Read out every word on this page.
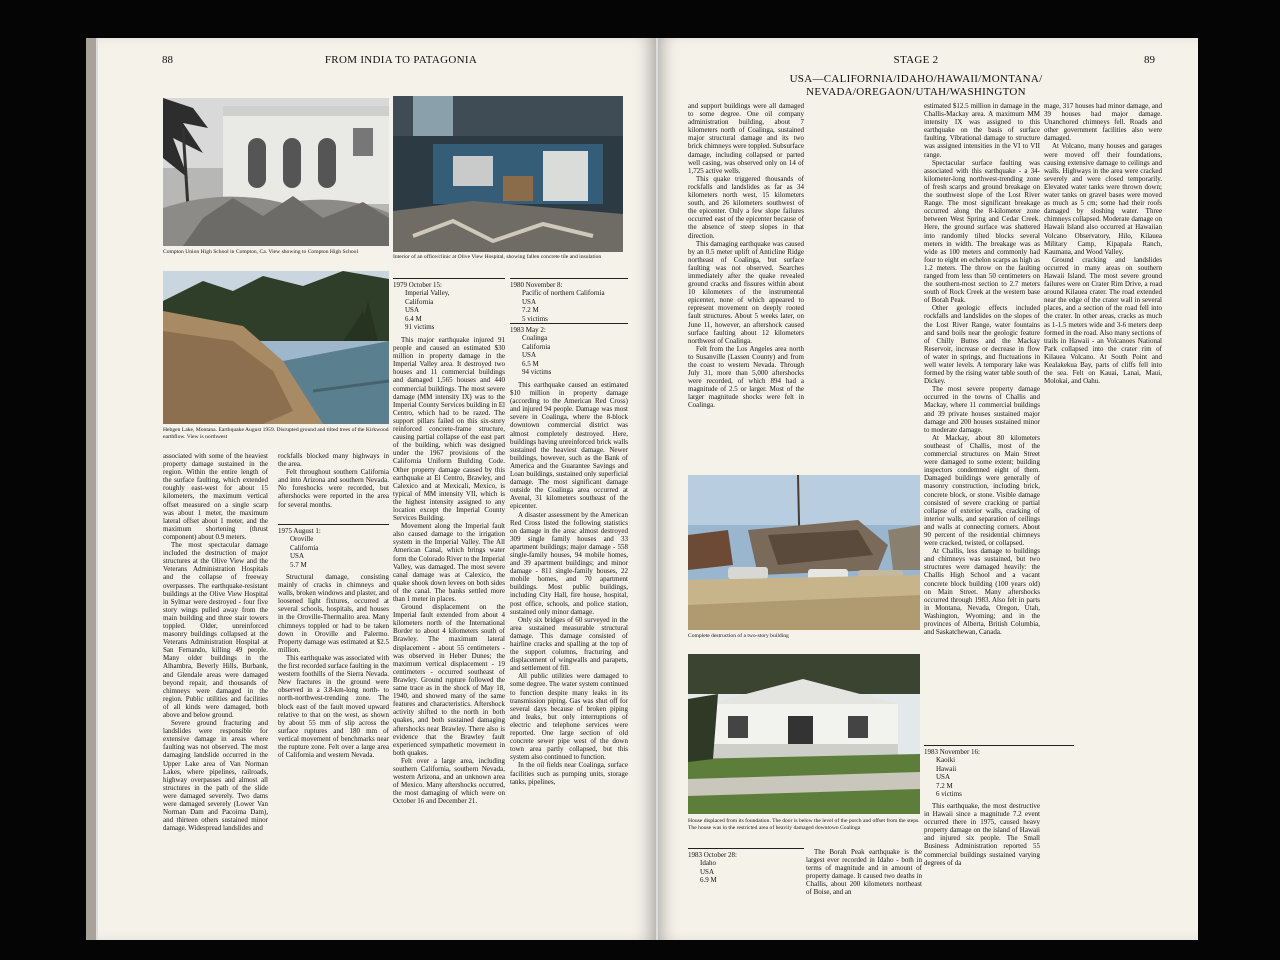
88	FROM INDIA TO PATAGONIA
Compton Union High School in Compton, Ca. View showing to Compton High School
Interior of an office/clinic at Olive View Hospital, showing fallen concrete tile and insulation
Hebgen Lake, Montana. Earthquake August 1959. Disrupted ground and tilted trees of the Kirkwood earthflow. View is northwest

associated with some of the heaviest property damage sustained in the region. Within the entire length of the surface faulting, which extended roughly east-west for about 15 kilometers, the maximum vertical offset measured on a single scarp was about 1 meter, the maximum lateral offset about 1 meter, and the maximum shortening (thrust component) about 0.9 meters.

The most spectacular damage included the destruction of major structures at the Olive View and the Veterans Administration Hospitals and the collapse of freeway overpasses. The earthquake-resistant buildings at the Olive View Hospital in Sylmar were destroyed - four five story wings pulled away from the main building and three stair towers toppled. Older, unreinforced masonry buildings collapsed at the Veterans Administration Hospital at San Fernando, killing 49 people. Many older buildings in the Alhambra, Beverly Hills, Burbank, and Glendale areas were damaged beyond repair, and thousands of chimneys were damaged in the region. Public utilities and facilities of all kinds were damaged, both above and below ground.

Severe ground fracturing and landslides were responsible for extensive damage in areas where faulting was not observed. The most damaging landslide occurred in the Upper Lake area of Van Norman Lakes, where pipelines, railroads, highway overpasses and almost all structures in the path of the slide were damaged severely. Two dams were damaged severely (Lower Van Norman Dam and Pacoima Dam), and thirteen others sustained minor damage. Widespread landslides and

rockfalls blocked many highways in the area.

Felt throughout southern California and into Arizona and southern Nevada. No foreshocks were recorded, but aftershocks were reported in the area for several months.

1975 August 1:
Oroville
California
USA
5.7 M

Structural damage, consisting mainly of cracks in chimneys and walls, broken windows and plaster, and loosened light fixtures, occurred at several schools, hospitals, and houses in the Oroville-Thermalito area. Many chimneys toppled or had to be taken down in Oroville and Palermo. Property damage was estimated at $2.5 million.

This earthquake was associated with the first recorded surface faulting in the western foothills of the Sierra Nevada. New fractures in the ground were observed in a 3.8-km-long north- to north-northwest-trending zone. The block east of the fault moved upward relative to that on the west, as shown by about 55 mm of slip across the surface ruptures and 180 mm of vertical movement of benchmarks near the rupture zone. Felt over a large area of California and western Nevada.

1979 October 15:
Imperial Valley,
California
USA
6.4 M
91 victims

This major earthquake injured 91 people and caused an estimated $30 million in property damage in the Imperial Valley area. It destroyed two houses and 11 commercial buildings and damaged 1,565 houses and 440 commercial buildings. The most severe damage (MM intensity IX) was to the Imperial County Services building in El Centro, which had to be razed. The support pillars failed on this six-story reinforced concrete-frame structure, causing partial collapse of the east part of the building, which was designed under the 1967 provisions of the California Uniform Building Code. Other property damage caused by this earthquake at El Centro, Brawley, and Calexico and at Mexicali, Mexico, is typical of MM intensity VII, which is the highest intensity assigned to any location except the Imperial County Services Building.

Movement along the Imperial fault also caused damage to the irrigation system in the Imperial Valley. The All American Canal, which brings water form the Colorado River to the Imperial Valley, was damaged. The most severe canal damage was at Calexico, the quake shook down levees on both sides of the canal. The banks settled more than 1 meter in places.

Ground displacement on the Imperial fault extended from about 4 kilometers north of the International Border to about 4 kilometers south of Brawley. The maximum lateral displacement - about 55 centimeters - was observed in Heber Dunes; the maximum vertical displacement - 19 centimeters - occurred southeast of Brawley. Ground rupture followed the same trace as in the shock of May 18, 1940, and showed many of the same features and characteristics. Aftershock activity shifted to the north in both quakes, and both sustained damaging aftershocks near Brawley. There also is evidence that the Brawley fault experienced sympathetic movement in both quakes.

Felt over a large area, including southern California, southern Nevada, western Arizona, and an unknown area of Mexico. Many aftershocks occurred, the most damaging of which were on October 16 and December 21.

1980 November 8:
Pacific of northern California
USA
7.2 M
5 victims
1983 May 2:
Coalinga
California
USA
6.5 M
94 victims

This earthquake caused an estimated $10 million in property damage (according to the American Red Cross) and injured 94 people. Damage was most severe in Coalinga, where the 8-block downtown commercial district was almost completely destroyed. Here, buildings having unreinforced brick walls sustained the heaviest damage. Newer buildings, however, such as the Bank of America and the Guarantee Savings and Loan buildings, sustained only superficial damage. The most significant damage outside the Coalinga area occurred at Avenal, 31 kilometers southeast of the epicenter.

A disaster assessment by the American Red Cross listed the following statistics on damage in the area: almost destroyed 309 single family houses and 33 apartment buildings; major damage - 558 single-family houses, 94 mobile homes, and 39 apartment buildings; and minor damage - 811 single-family houses, 22 mobile homes, and 70 apartment buildings. Most public buildings, including City Hall, fire house, hospital, post office, schools, and police station, sustained only minor damage.

Only six bridges of 60 surveyed in the area sustained measurable structural damage. This damage consisted of hairline cracks and spalling at the top of the support columns, fracturing and displacement of wingwalls and parapets, and settlement of fill.

All public utilities were damaged to some degree. The water system continued to function despite many leaks in its transmission piping. Gas was shut off for several days because of broken piping and leaks, but only interruptions of electric and telephone services were reported. One large section of old concrete sewer pipe west of the down town area partly collapsed, but this system also continued to function.

In the oil fields near Coalinga, surface facilities such as pumping units, storage tanks, pipelines,

STAGE 2	89
USA—CALIFORNIA/IDAHO/HAWAII/MONTANA/
NEVADA/OREGAON/UTAH/WASHINGTON

and support buildings were all damaged to some degree. One oil company administration building, about 7 kilometers north of Coalinga, sustained major structural damage and its two brick chimneys were toppled. Subsurface damage, including collapsed or parted well casing, was observed only on 14 of 1,725 active wells.

This quake triggered thousands of rockfalls and landslides as far as 34 kilometers north west, 15 kilometers south, and 26 kilometers southwest of the epicenter. Only a few slope failures occurred east of the epicenter because of the absence of steep slopes in that direction.

This damaging earthquake was caused by an 0.5 meter uplift of Anticline Ridge northeast of Coalinga, but surface faulting was not observed. Searches immediately after the quake revealed ground cracks and fissures within about 10 kilometers of the instrumental epicenter, none of which appeared to represent movement on deeply rooted fault structures. About 5 weeks later, on June 11, however, an aftershock caused surface faulting about 12 kilometers northwest of Coalinga.

Felt from the Los Angeles area north to Susanville (Lassen County) and from the coast to western Nevada. Through July 31, more than 5,000 aftershocks were recorded, of which 894 had a magnitude of 2.5 or larger. Most of the larger magnitude shocks were felt in Coalinga.

Complete destruction of a two-story building
House displaced from its foundation. The door is below the level of the porch and offset from the steps. The house was in the restricted area of heavily damaged downtown Coalinga
1983 October 28:
Idaho
USA
6.9 M

The Borah Peak earthquake is the largest ever recorded in Idaho - both in terms of magnitude and in amount of property damage. It caused two deaths in Challis, about 200 kilometers northeast of Boise, and an

estimated $12.5 million in damage in the Challis-Mackay area. A maximum MM intensity IX was assigned to this earthquake on the basis of surface faulting. Vibrational damage to structure was assigned intensities in the VI to VII range.

Spectacular surface faulting was associated with this earthquake - a 34-kilometer-long northwest-trending zone of fresh scarps and ground breakage on the southwest slope of the Lost River Range. The most significant breakage occurred along the 8-kilometer zone between West Spring and Cedar Creek. Here, the ground surface was shattered into randomly tilted blocks several meters in width. The breakage was as wide as 100 meters and commonly had four to eight en echelon scarps as high as 1.2 meters. The throw on the faulting ranged from less than 50 centimeters on the southern-most section to 2.7 meters south of Rock Creek at the western base of Borah Peak.

Other geologic effects included rockfalls and landslides on the slopes of the Lost River Range, water fountains and sand boils near the geologic feature of Chilly Buttes and the Mackay Reservoir, increase or decrease in flow of water in springs, and fluctuations in well water levels. A temporary lake was formed by the rising water table south of Dickey.

The most severe property damage occurred in the towns of Challis and Mackay, where 11 commercial buildings and 39 private houses sustained major damage and 200 houses sustained minor to moderate damage.

At Mackay, about 80 kilometers southeast of Challis, most of the commercial structures on Main Street were damaged to some extent; building inspectors condemned eight of them. Damaged buildings were generally of masonry construction, including brick, concrete block, or stone. Visible damage consisted of severe cracking or partial collapse of exterior walls, cracking of interior walls, and separation of ceilings and walls at connecting corners. About 90 percent of the residential chimneys were cracked, twisted, or collapsed.

At Challis, less damage to buildings and chimneys was sustained, but two structures were damaged heavily: the Challis High School and a vacant concrete block building (100 years old) on Main Street. Many aftershocks occurred through 1983. Also felt in parts in Montana, Nevada, Oregon, Utah, Washington, Wyoming; and in the provinces of Alberta, British Columbia, and Saskatchewan, Canada.

1983 November 16:
Kaoiki
Hawaii
USA
7.2 M
6 victims

This earthquake, the most destructive in Hawaii since a magnitude 7.2 event occurred there in 1975, caused heavy property damage on the island of Hawaii and injured six people. The Small Business Administration reported 55 commercial buildings sustained varying degrees of da

mage, 317 houses had minor damage, and 39 houses had major damage. Unanchored chimneys fell. Roads and other government facilities also were damaged.

At Volcano, many houses and garages were moved off their foundations, causing extensive damage to ceilings and walls. Highways in the area were cracked severely and were closed temporarily. Elevated water tanks were thrown down; water tanks on gravel bases were moved as much as 5 cm; some had their roofs damaged by sloshing water. Three chimneys collapsed. Moderate damage on Hawaii Island also occurred at Hawaiian Volcano Observatory, Hilo, Kilauea Military Camp, Kipapala Ranch, Kaumana, and Wood Valley.

Ground cracking and landslides occurred in many areas on southern Hawaii Island. The most severe ground failures were on Crater Rim Drive, a road around Kilauea crater. The road extended near the edge of the crater wall in several places, and a section of the road fell into the crater. In other areas, cracks as much as 1-1.5 meters wide and 3-6 meters deep formed in the road. Also many sections of trails in Hawaii - an Volcanoes National Park collapsed into the crater rim of Kilauea Volcano. At South Point and Kealakekua Bay, parts of cliffs fell into the sea. Felt on Kauai, Lanai, Maui, Molokai, and Oahu.
